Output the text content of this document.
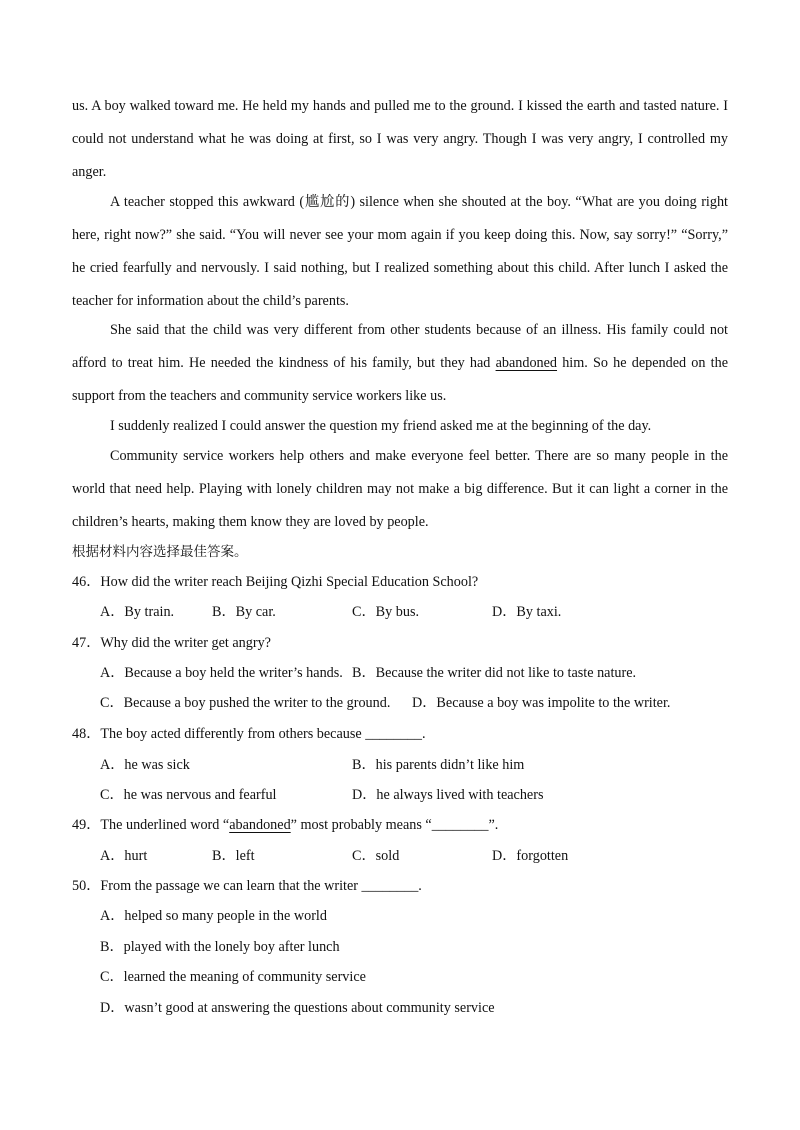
us. A boy walked toward me. He held my hands and pulled me to the ground. I kissed the earth and tasted nature. I could not understand what he was doing at first, so I was very angry. Though I was very angry, I controlled my anger.

A teacher stopped this awkward (尴尬的) silence when she shouted at the boy. “What are you doing right here, right now?” she said. “You will never see your mom again if you keep doing this. Now, say sorry!” “Sorry,” he cried fearfully and nervously. I said nothing, but I realized something about this child. After lunch I asked the teacher for information about the child’s parents.

She said that the child was very different from other students because of an illness. His family could not afford to treat him. He needed the kindness of his family, but they had abandoned him. So he depended on the support from the teachers and community service workers like us.

I suddenly realized I could answer the question my friend asked me at the beginning of the day.

Community service workers help others and make everyone feel better. There are so many people in the world that need help. Playing with lonely children may not make a big difference. But it can light a corner in the children’s hearts, making them know they are loved by people.

根据材料内容选择最佳答案。
46．How did the writer reach Beijing Qizhi Special Education School?
A．By train.	B．By car.	C．By bus.	D．By taxi.
47．Why did the writer get angry?
A．Because a boy held the writer’s hands. B．Because the writer did not like to taste nature.
C．Because a boy pushed the writer to the ground. D．Because a boy was impolite to the writer.
48．The boy acted differently from others because ________.
A．he was sick	B．his parents didn’t like him
C．he was nervous and fearful	D．he always lived with teachers
49．The underlined word “abandoned” most probably means “________”.
A．hurt	B．left	C．sold	D．forgotten
50．From the passage we can learn that the writer ________.
A．helped so many people in the world
B．played with the lonely boy after lunch
C．learned the meaning of community service
D．wasn’t good at answering the questions about community service
